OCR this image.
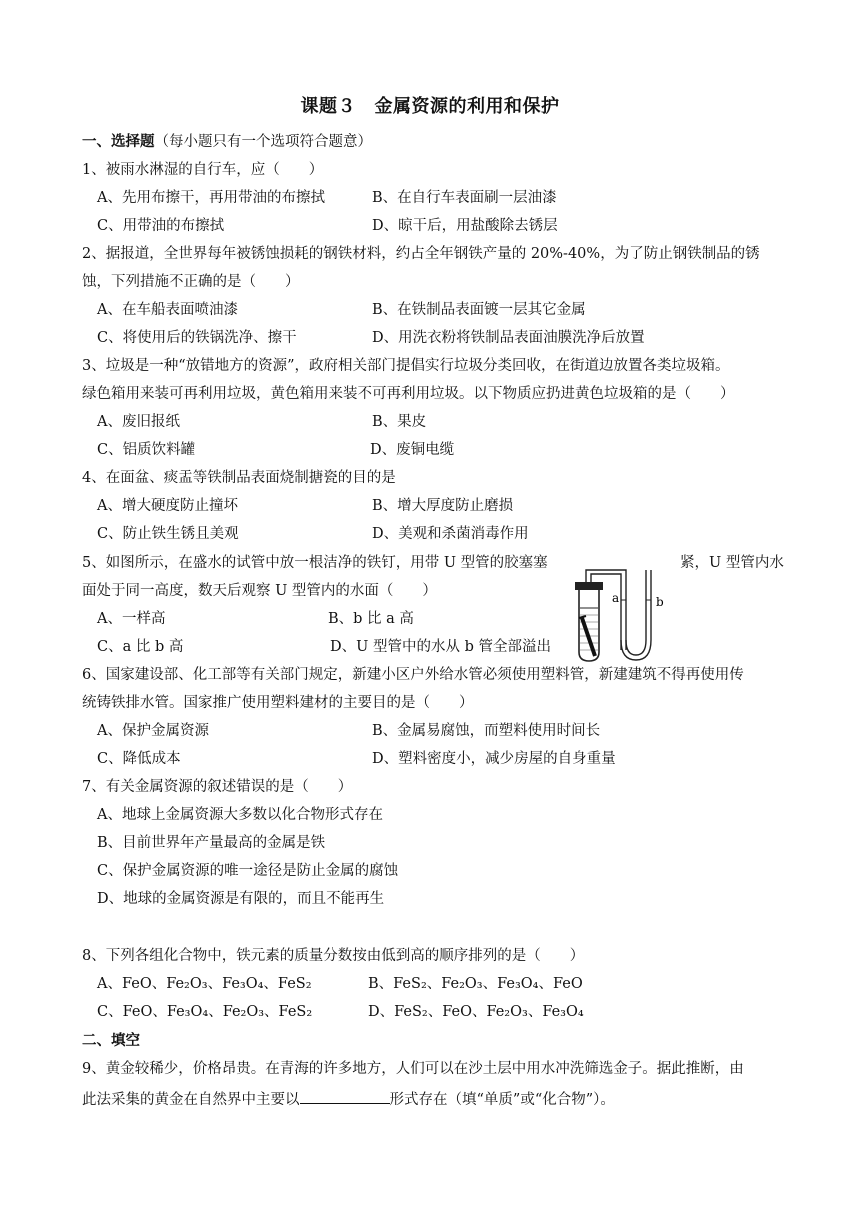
课题３　金属资源的利用和保护
一、选择题（每小题只有一个选项符合题意）
1、被雨水淋湿的自行车，应（　　）
A、先用布擦干，再用带油的布擦拭	B、在自行车表面刷一层油漆
C、用带油的布擦拭	D、晾干后，用盐酸除去锈层
2、据报道，全世界每年被锈蚀损耗的钢铁材料，约占全年钢铁产量的 20%-40%，为了防止钢铁制品的锈
蚀，下列措施不正确的是（　　）
A、在车船表面喷油漆	B、在铁制品表面镀一层其它金属
C、将使用后的铁锅洗净、擦干	D、用洗衣粉将铁制品表面油膜洗净后放置
3、垃圾是一种“放错地方的资源”，政府相关部门提倡实行垃圾分类回收，在街道边放置各类垃圾箱。
绿色箱用来装可再利用垃圾，黄色箱用来装不可再利用垃圾。以下物质应扔进黄色垃圾箱的是（　　）
A、废旧报纸	B、果皮
C、铝质饮料罐	D、废铜电缆
4、在面盆、痰盂等铁制品表面烧制搪瓷的目的是
A、增大硬度防止撞坏	B、增大厚度防止磨损
C、防止铁生锈且美观	D、美观和杀菌消毒作用
5、如图所示，在盛水的试管中放一根洁净的铁钉，用带 U 型管的胶塞塞	紧，U 型管内水
面处于同一高度，数天后观察 U 型管内的水面（　　）
A、一样高	B、b 比 a 高
C、a 比 b 高	D、U 型管中的水从 b 管全部溢出
a	b
6、国家建设部、化工部等有关部门规定，新建小区户外给水管必须使用塑料管，新建建筑不得再使用传
统铸铁排水管。国家推广使用塑料建材的主要目的是（　　）
A、保护金属资源	B、金属易腐蚀，而塑料使用时间长
C、降低成本	D、塑料密度小，减少房屋的自身重量
7、有关金属资源的叙述错误的是（　　）
A、地球上金属资源大多数以化合物形式存在
B、目前世界年产量最高的金属是铁
C、保护金属资源的唯一途径是防止金属的腐蚀
D、地球的金属资源是有限的，而且不能再生
8、下列各组化合物中，铁元素的质量分数按由低到高的顺序排列的是（　　）
A、FeO、Fe₂O₃、Fe₃O₄、FeS₂	B、FeS₂、Fe₂O₃、Fe₃O₄、FeO
C、FeO、Fe₃O₄、Fe₂O₃、FeS₂	D、FeS₂、FeO、Fe₂O₃、Fe₃O₄
二、填空
9、黄金较稀少，价格昂贵。在青海的许多地方，人们可以在沙土层中用水冲洗筛选金子。据此推断，由
此法采集的黄金在自然界中主要以	形式存在（填“单质”或“化合物”）。
